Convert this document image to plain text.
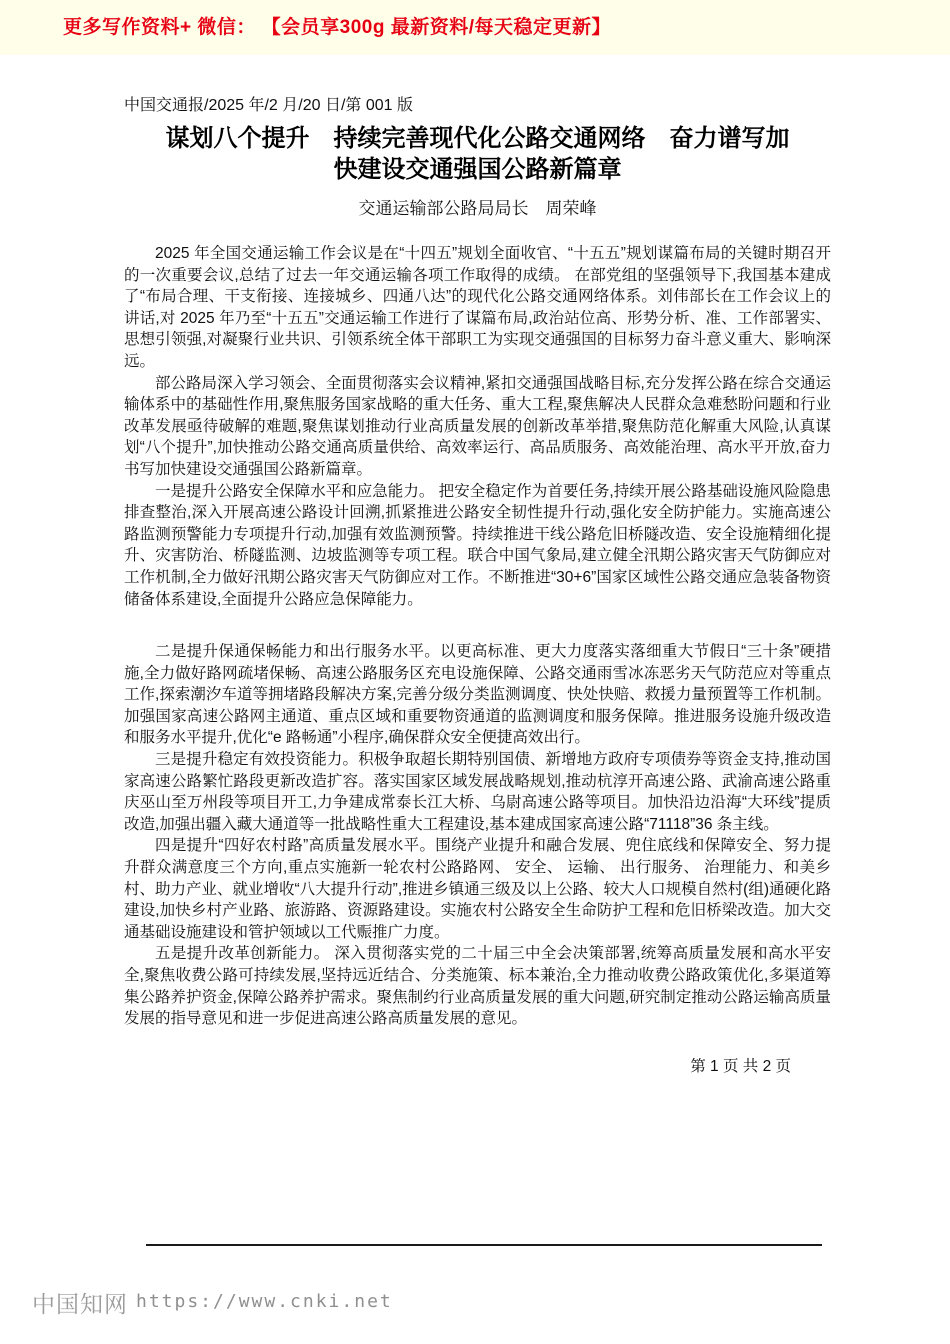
更多写作资料+ 微信： 【会员享300g 最新资料/每天稳定更新】
中国交通报/2025 年/2 月/20 日/第 001 版
谋划八个提升　持续完善现代化公路交通网络　奋力谱写加
快建设交通强国公路新篇章
交通运输部公路局局长　周荣峰

2025 年全国交通运输工作会议是在“十四五”规划全面收官、“十五五”规划谋篇布局的关键时期召开的一次重要会议,总结了过去一年交通运输各项工作取得的成绩。 在部党组的坚强领导下,我国基本建成了“布局合理、干支衔接、连接城乡、四通八达”的现代化公路交通网络体系。刘伟部长在工作会议上的讲话,对 2025 年乃至“十五五”交通运输工作进行了谋篇布局,政治站位高、形势分析、准、工作部署实、思想引领强,对凝聚行业共识、引领系统全体干部职工为实现交通强国的目标努力奋斗意义重大、影响深远。

部公路局深入学习领会、全面贯彻落实会议精神,紧扣交通强国战略目标,充分发挥公路在综合交通运输体系中的基础性作用,聚焦服务国家战略的重大任务、重大工程,聚焦解决人民群众急难愁盼问题和行业改革发展亟待破解的难题,聚焦谋划推动行业高质量发展的创新改革举措,聚焦防范化解重大风险,认真谋划“八个提升”,加快推动公路交通高质量供给、高效率运行、高品质服务、高效能治理、高水平开放,奋力书写加快建设交通强国公路新篇章。

一是提升公路安全保障水平和应急能力。 把安全稳定作为首要任务,持续开展公路基础设施风险隐患排查整治,深入开展高速公路设计回溯,抓紧推进公路安全韧性提升行动,强化安全防护能力。实施高速公路监测预警能力专项提升行动,加强有效监测预警。持续推进干线公路危旧桥隧改造、安全设施精细化提升、灾害防治、桥隧监测、边坡监测等专项工程。联合中国气象局,建立健全汛期公路灾害天气防御应对工作机制,全力做好汛期公路灾害天气防御应对工作。不断推进“30+6”国家区域性公路交通应急装备物资储备体系建设,全面提升公路应急保障能力。

二是提升保通保畅能力和出行服务水平。以更高标准、更大力度落实落细重大节假日“三十条”硬措施,全力做好路网疏堵保畅、高速公路服务区充电设施保障、公路交通雨雪冰冻恶劣天气防范应对等重点工作,探索潮汐车道等拥堵路段解决方案,完善分级分类监测调度、快处快赔、救援力量预置等工作机制。加强国家高速公路网主通道、重点区域和重要物资通道的监测调度和服务保障。推进服务设施升级改造和服务水平提升,优化“e 路畅通”小程序,确保群众安全便捷高效出行。

三是提升稳定有效投资能力。积极争取超长期特别国债、新增地方政府专项债券等资金支持,推动国家高速公路繁忙路段更新改造扩容。落实国家区域发展战略规划,推动杭淳开高速公路、武渝高速公路重庆巫山至万州段等项目开工,力争建成常泰长江大桥、乌尉高速公路等项目。加快沿边沿海“大环线”提质改造,加强出疆入藏大通道等一批战略性重大工程建设,基本建成国家高速公路“71118”36 条主线。

四是提升“四好农村路”高质量发展水平。围绕产业提升和融合发展、兜住底线和保障安全、努力提升群众满意度三个方向,重点实施新一轮农村公路路网、 安全、 运输、 出行服务、 治理能力、和美乡村、助力产业、就业增收“八大提升行动”,推进乡镇通三级及以上公路、较大人口规模自然村(组)通硬化路建设,加快乡村产业路、旅游路、资源路建设。实施农村公路安全生命防护工程和危旧桥梁改造。加大交通基础设施建设和管护领域以工代赈推广力度。

五是提升改革创新能力。 深入贯彻落实党的二十届三中全会决策部署,统筹高质量发展和高水平安全,聚焦收费公路可持续发展,坚持远近结合、分类施策、标本兼治,全力推动收费公路政策优化,多渠道筹集公路养护资金,保障公路养护需求。聚焦制约行业高质量发展的重大问题,研究制定推动公路运输高质量发展的指导意见和进一步促进高速公路高质量发展的意见。

第 1 页 共 2 页
中国知网 https://www.cnki.net
